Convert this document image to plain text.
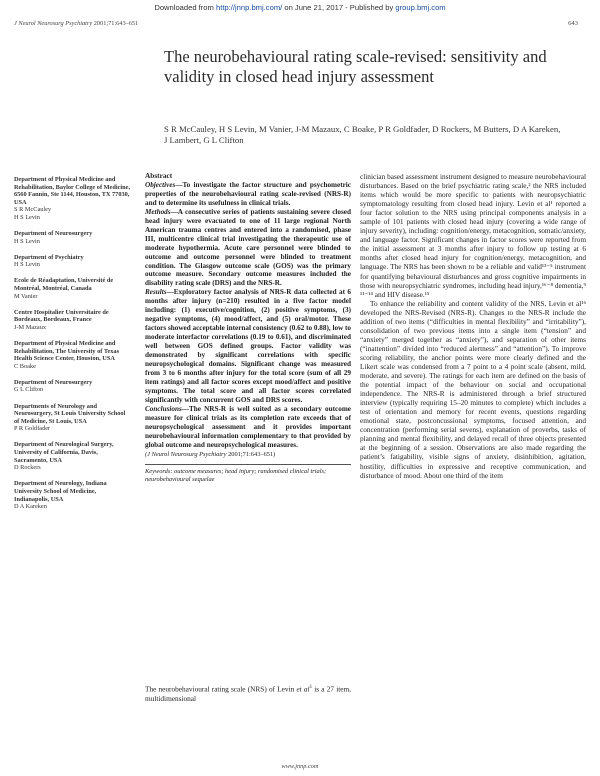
Downloaded from http://jnnp.bmj.com/ on June 21, 2017 - Published by group.bmj.com
J Neurol Neurosurg Psychiatry 2001;71:643–651	643
The neurobehavioural rating scale-revised: sensitivity and validity in closed head injury assessment
S R McCauley, H S Levin, M Vanier, J-M Mazaux, C Boake, P R Goldfader, D Rockers, M Butters, D A Kareken, J Lambert, G L Clifton
Department of Physical Medicine and Rehabilitation, Baylor College of Medicine, 6560 Fannin, Ste 1144, Houston, TX 77030, USA
S R McCauley
H S Levin
Department of Neurosurgery
H S Levin
Department of Psychiatry
H S Levin
Ecole de Réadaptation, Université de Montréal, Montréal, Canada
M Vanier
Centre Hospitalier Universitaire de Bordeaux, Bordeaux, France
J-M Mazaux
Department of Physical Medicine and Rehabilitation, The University of Texas Health Science Center, Houston, USA
C Boake
Department of Neurosurgery
G L Clifton
Departments of Neurology and Neurosurgery, St Louis University School of Medicine, St Louis, USA
P R Goldfader
Department of Neurological Surgery, University of California, Davis, Sacramento, USA
D Rockers
Department of Neurology, Indiana University School of Medicine, Indianapolis, USA
D A Kareken
Abstract

Objectives—To investigate the factor structure and psychometric properties of the neurobehavioural rating scale-revised (NRS-R) and to determine its usefulness in clinical trials.
Methods—A consecutive series of patients sustaining severe closed head injury were evacuated to one of 11 large regional North American trauma centres and entered into a randomised, phase III, multicentre clinical trial investigating the therapeutic use of moderate hypothermia. Acute care personnel were blinded to outcome and outcome personnel were blinded to treatment condition. The Glasgow outcome scale (GOS) was the primary outcome measure. Secondary outcome measures included the disability rating scale (DRS) and the NRS-R.
Results—Exploratory factor analysis of NRS-R data collected at 6 months after injury (n=210) resulted in a five factor model including: (1) executive/cognition, (2) positive symptoms, (3) negative symptoms, (4) mood/affect, and (5) oral/motor. These factors showed acceptable internal consistency (0.62 to 0.88), low to moderate interfactor correlations (0.19 to 0.61), and discriminated well between GOS defined groups. Factor validity was demonstrated by significant correlations with specific neuropsychological domains. Significant change was measured from 3 to 6 months after injury for the total score (sum of all 29 item ratings) and all factor scores except mood/affect and positive symptoms. The total score and all factor scores correlated significantly with concurrent GOS and DRS scores.
Conclusions—The NRS-R is well suited as a secondary outcome measure for clinical trials as its completion rate exceeds that of neuropsychological assessment and it provides important neurobehavioural information complementary to that provided by global outcome and neuropsychological measures.

(J Neurol Neurosurg Psychiatry 2001;71:643–651)
Keywords: outcome measures; head injury; randomised clinical trials; neurobehavioural sequelae
The neurobehavioural rating scale (NRS) of Levin et $al^1$ is a 27 item, multidimensional

clinician based assessment instrument designed to measure neurobehavioural disturbances. Based on the brief psychiatric rating scale,² the NRS included items which would be more specific to patients with neuropsychiatric symptomatology resulting from closed head injury. Levin et al¹ reported a four factor solution to the NRS using principal components analysis in a sample of 101 patients with closed head injury (covering a wide range of injury severity), including: cognition/energy, metacognition, somatic/anxiety, and language factor. Significant changes in factor scores were reported from the initial assessment at 3 months after injury to follow up testing at 6 months after closed head injury for cognition/energy, metacognition, and language. The NRS has been shown to be a reliable and valid¹³⁻⁵ instrument for quantifying behavioural disturbances and gross cognitive impairments in those with neuropsychiatric syndromes, including head injury,¹⁶⁻⁸ dementia,⁹ ¹¹⁻¹⁴ and HIV disease.¹⁵

To enhance the reliability and content validity of the NRS, Levin et al¹⁶ developed the NRS-Revised (NRS-R). Changes to the NRS-R include the addition of two items (“difficulties in mental flexibility” and “irritability”), consolidation of two previous items into a single item (“tension” and “anxiety” merged together as “anxiety”), and separation of other items (“inattention” divided into “reduced alertness” and “attention”). To improve scoring reliability, the anchor points were more clearly defined and the Likert scale was condensed from a 7 point to a 4 point scale (absent, mild, moderate, and severe). The ratings for each item are defined on the basis of the potential impact of the behaviour on social and occupational independence. The NRS-R is administered through a brief structured interview (typically requiring 15–20 minutes to complete) which includes a test of orientation and memory for recent events, questions regarding emotional state, postconcussional symptoms, focused attention, and concentration (performing serial sevens), explanation of proverbs, tasks of planning and mental flexibility, and delayed recall of three objects presented at the beginning of a session. Observations are also made regarding the patient’s fatigability, visible signs of anxiety, disinhibition, agitation, hostility, difficulties in expressive and receptive communication, and disturbance of mood. About one third of the item

www.jnnp.com
